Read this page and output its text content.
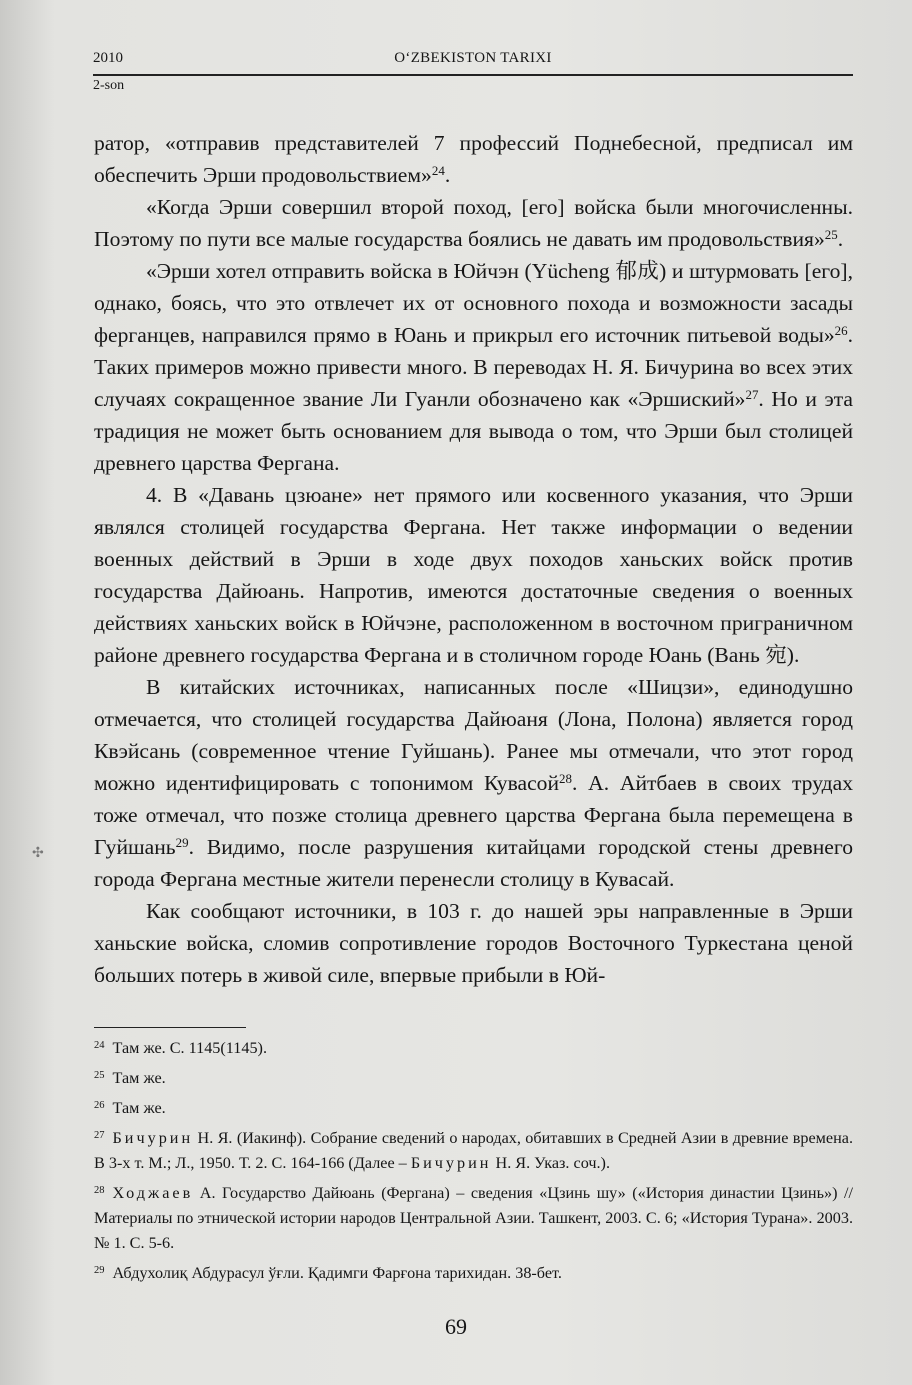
2010	O‘ZBEKISTON TARIXI
2-son

ратор, «отправив представителей 7 профессий Поднебесной, предписал им обеспечить Эрши продовольствием»$^{24}$.

«Когда Эрши совершил второй поход, [его] войска были многочисленны. Поэтому по пути все малые государства боялись не давать им продовольствия»$^{25}$.

«Эрши хотел отправить войска в Юйчэн (Yücheng 郁成) и штурмовать [его], однако, боясь, что это отвлечет их от основного похода и возможности засады ферганцев, направился прямо в Юань и прикрыл его источник питьевой воды»$^{26}$. Таких примеров можно привести много. В переводах Н. Я. Бичурина во всех этих случаях сокращенное звание Ли Гуанли обозначено как «Эршиский»$^{27}$. Но и эта традиция не может быть основанием для вывода о том, что Эрши был столицей древнего царства Фергана.

4. В «Давань цзюане» нет прямого или косвенного указания, что Эрши являлся столицей государства Фергана. Нет также информации о ведении военных действий в Эрши в ходе двух походов ханьских войск против государства Дайюань. Напротив, имеются достаточные сведения о военных действиях ханьских войск в Юйчэне, расположенном в восточном приграничном районе древнего государства Фергана и в столичном городе Юань (Вань 宛).

В китайских источниках, написанных после «Шицзи», единодушно отмечается, что столицей государства Дайюаня (Лона, Полона) является город Квэйсань (современное чтение Гуйшань). Ранее мы отмечали, что этот город можно идентифицировать с топонимом Кувасой$^{28}$. А. Айтбаев в своих трудах тоже отмечал, что позже столица древнего царства Фергана была перемещена в Гуйшань$^{29}$. Видимо, после разрушения китайцами городской стены древнего города Фергана местные жители перенесли столицу в Кувасай.

Как сообщают источники, в 103 г. до нашей эры направленные в Эрши ханьские войска, сломив сопротивление городов Восточного Туркестана ценой больших потерь в живой силе, впервые прибыли в Юй-

$^{24}$ Там же. С. 1145(1145).

$^{25}$ Там же.

$^{26}$ Там же.

$^{27}$ Бичурин Н. Я. (Иакинф). Собрание сведений о народах, обитавших в Средней Азии в древние времена. В 3-х т. М.; Л., 1950. Т. 2. С. 164-166 (Далее – Бичурин Н. Я. Указ. соч.).

$^{28}$ Ходжаев А. Государство Дайюань (Фергана) – сведения «Цзинь шу» («История династии Цзинь») // Материалы по этнической истории народов Центральной Азии. Ташкент, 2003. С. 6; «История Турана». 2003. № 1. С. 5-6.

$^{29}$ Абдухолиқ Абдурасул ўғли. Қадимги Фарғона тарихидан. 38-бет.

✣
69
